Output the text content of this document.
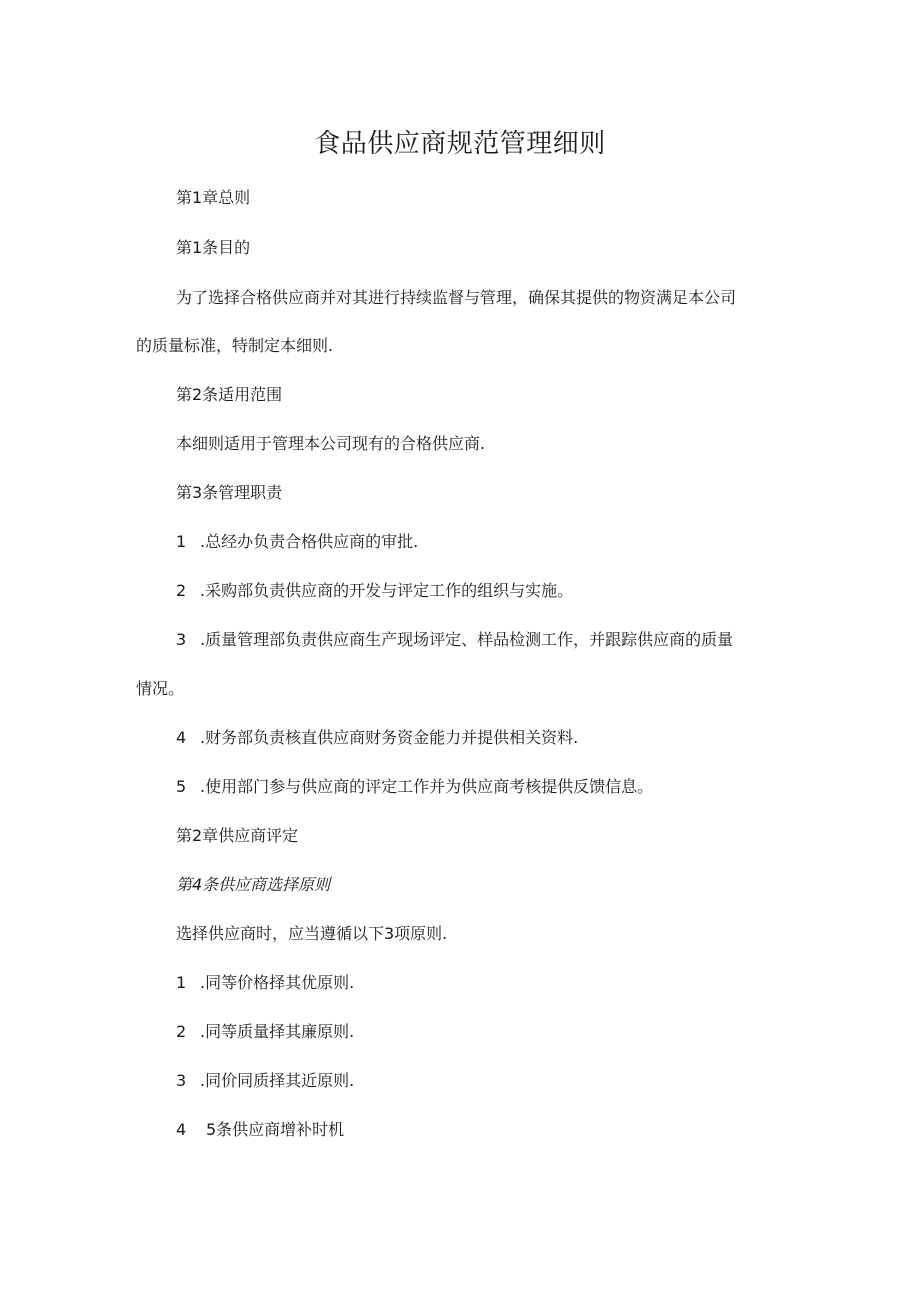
食品供应商规范管理细则
第1章总则
第1条目的
为了选择合格供应商并对其进行持续监督与管理，确保其提供的物资满足本公司
的质量标准，特制定本细则.
第2条适用范围
本细则适用于管理本公司现有的合格供应商.
第3条管理职责
1 .总经办负责合格供应商的审批.
2 .采购部负责供应商的开发与评定工作的组织与实施。
3 .质量管理部负责供应商生产现场评定、样品检测工作，并跟踪供应商的质量
情况。
4 .财务部负责核直供应商财务资金能力并提供相关资料.
5 .使用部门参与供应商的评定工作并为供应商考核提供反馈信息。
第2章供应商评定
第4条供应商选择原则
选择供应商时，应当遵循以下3项原则.
1 .同等价格择其优原则.
2 .同等质量择其廉原则.
3 .同价同质择其近原则.
4 5条供应商增补时机
